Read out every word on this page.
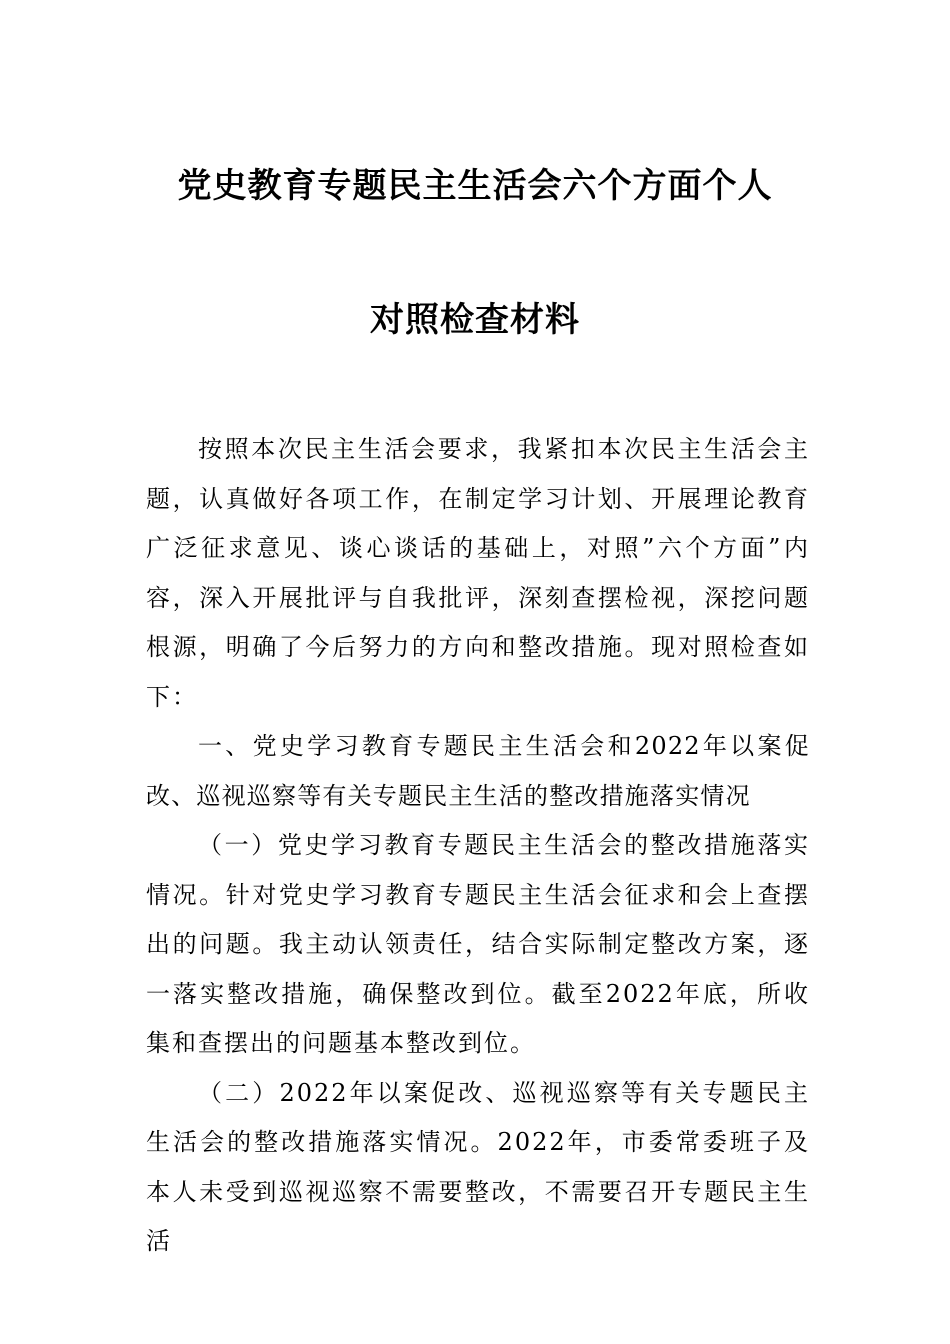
党史教育专题民主生活会六个方面个人
对照检查材料

按照本次民主生活会要求，我紧扣本次民主生活会主题，认真做好各项工作，在制定学习计划、开展理论教育广泛征求意见、谈心谈话的基础上，对照”六个方面”内容，深入开展批评与自我批评，深刻查摆检视，深挖问题根源，明确了今后努力的方向和整改措施。现对照检查如下：

一、党史学习教育专题民主生活会和2022年以案促改、巡视巡察等有关专题民主生活的整改措施落实情况

（一）党史学习教育专题民主生活会的整改措施落实情况。针对党史学习教育专题民主生活会征求和会上查摆出的问题。我主动认领责任，结合实际制定整改方案，逐一落实整改措施，确保整改到位。截至2022年底，所收集和查摆出的问题基本整改到位。

（二）2022年以案促改、巡视巡察等有关专题民主生活会的整改措施落实情况。2022年，市委常委班子及本人未受到巡视巡察不需要整改，不需要召开专题民主生活
